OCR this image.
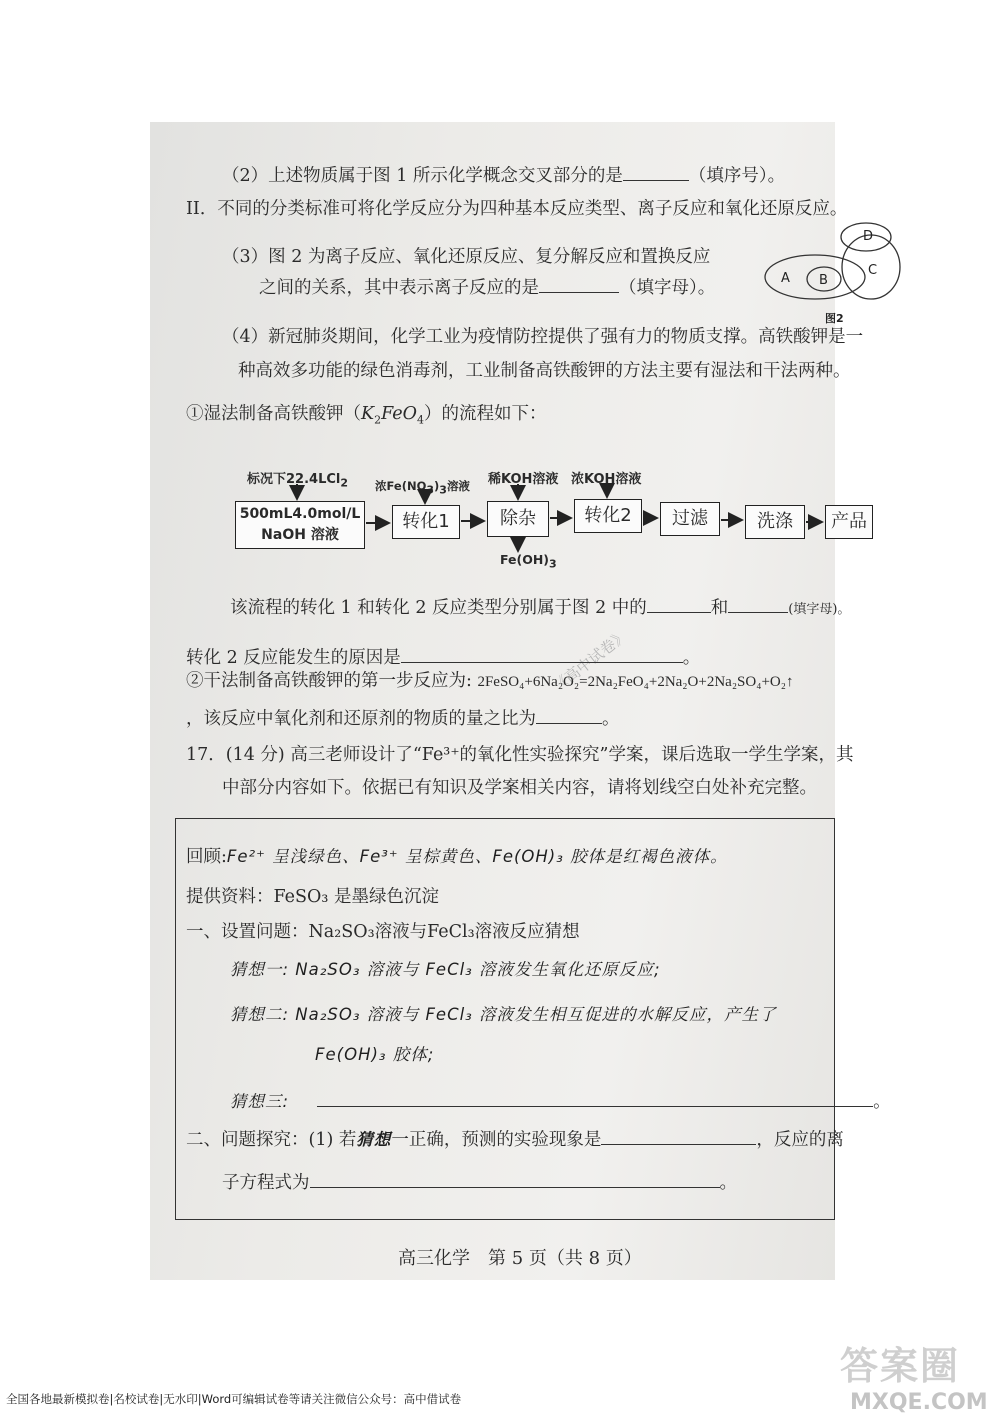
《高中试卷》
（2）上述物质属于图 1 所示化学概念交叉部分的是	（填序号）。
II．不同的分类标准可将化学反应分为四种基本反应类型、离子反应和氧化还原反应。
（3）图 2 为离子反应、氧化还原反应、复分解反应和置换反应
之间的关系，其中表示离子反应的是	（填字母）。	A B
C
D
图2
（4）新冠肺炎期间，化学工业为疫情防控提供了强有力的物质支撑。高铁酸钾是一
种高效多功能的绿色消毒剂，工业制备高铁酸钾的方法主要有湿法和干法两种。
①湿法制备高铁酸钾$(K_2FeO_4)$的流程如下：
标况下22.4LCl$_2$ 浓$Fe(NO_3)_3$溶液 稀KOH溶液 浓KOH溶液
500mL4.0mol/L
NaOH 溶液
转化1	除杂	转化2	过滤	洗涤	产品
$Fe(OH)_3$
该流程的转化 1 和转化 2 反应类型分别属于图 2 中的	和	(填字母)。
转化 2 反应能发生的原因是	。
②干法制备高铁酸钾的第一步反应为: 2FeSO₄+6Na₂O₂=2Na₂FeO₄+2Na₂O+2Na₂SO₄+O₂↑
，该反应中氧化剂和还原剂的物质的量之比为	。
17．(14 分) 高三老师设计了“Fe³⁺的氧化性实验探究”学案，课后选取一学生学案，其
中部分内容如下。依据已有知识及学案相关内容，请将划线空白处补充完整。
回顾:Fe²⁺ 呈浅绿色、Fe³⁺ 呈棕黄色、Fe(OH)₃ 胶体是红褐色液体。
提供资料：FeSO₃ 是墨绿色沉淀
一、设置问题：Na₂SO₃溶液与FeCl₃溶液反应猜想
猜想一: Na₂SO₃ 溶液与 FeCl₃ 溶液发生氧化还原反应;
猜想二: Na₂SO₃ 溶液与 FeCl₃ 溶液发生相互促进的水解反应，产生了
Fe(OH)₃ 胶体;
猜想三:	。
二、问题探究：(1) 若猜想一正确，预测的实验现象是	，反应的离
子方程式为	。
高三化学　第 5 页（共 8 页）
全国各地最新模拟卷|名校试卷|无水印|Word可编辑试卷等请关注微信公众号：高中借试卷
答案圈
MXQE.COM
